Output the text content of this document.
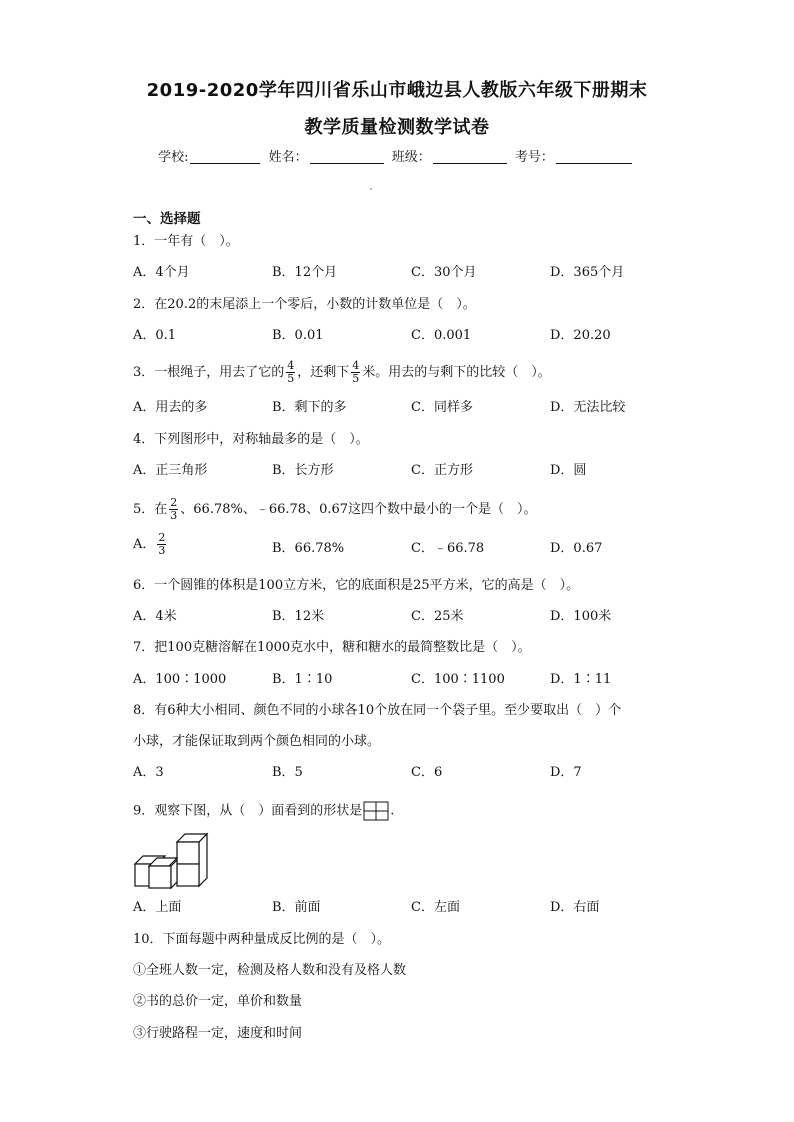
2019-2020学年四川省乐山市峨边县人教版六年级下册期末
教学质量检测数学试卷
学校:	姓名：	班级：	考号：
一、选择题
1．一年有（　）。
A．4个月	B．12个月	C．30个月	D．365个月
2．在20.2的末尾添上一个零后，小数的计数单位是（　）。
A．0.1	B．0.01	C．0.001	D．20.20
3．一根绳子，用去了它的 $\frac{4}{5}$ ，还剩下 $\frac{4}{5}$ 米。用去的与剩下的比较（　）。
A．用去的多	B．剩下的多	C．同样多	D．无法比较
4．下列图形中，对称轴最多的是（　）。
A．正三角形	B．长方形	C．正方形	D．圆
5．在 $\frac{2}{3}$ 、66.78%、﹣66.78、0.67这四个数中最小的一个是（　）。
A． $\frac{2}{3}$	B．66.78%	C．﹣66.78	D．0.67
6．一个圆锥的体积是100立方米，它的底面积是25平方米，它的高是（　）。
A．4米	B．12米	C．25米	D．100米
7．把100克糖溶解在1000克水中，糖和糖水的最简整数比是（　）。
A．100∶1000	B．1∶10	C．100∶1100	D．1∶11
8．有6种大小相同、颜色不同的小球各10个放在同一个袋子里。至少要取出（　）个
小球，才能保证取到两个颜色相同的小球。
A．3	B．5	C．6	D．7
9．观察下图，从（　）面看到的形状是 .
A．上面	B．前面	C．左面	D．右面
10．下面每题中两种量成反比例的是（　）。
①全班人数一定，检测及格人数和没有及格人数
②书的总价一定，单价和数量
③行驶路程一定，速度和时间
